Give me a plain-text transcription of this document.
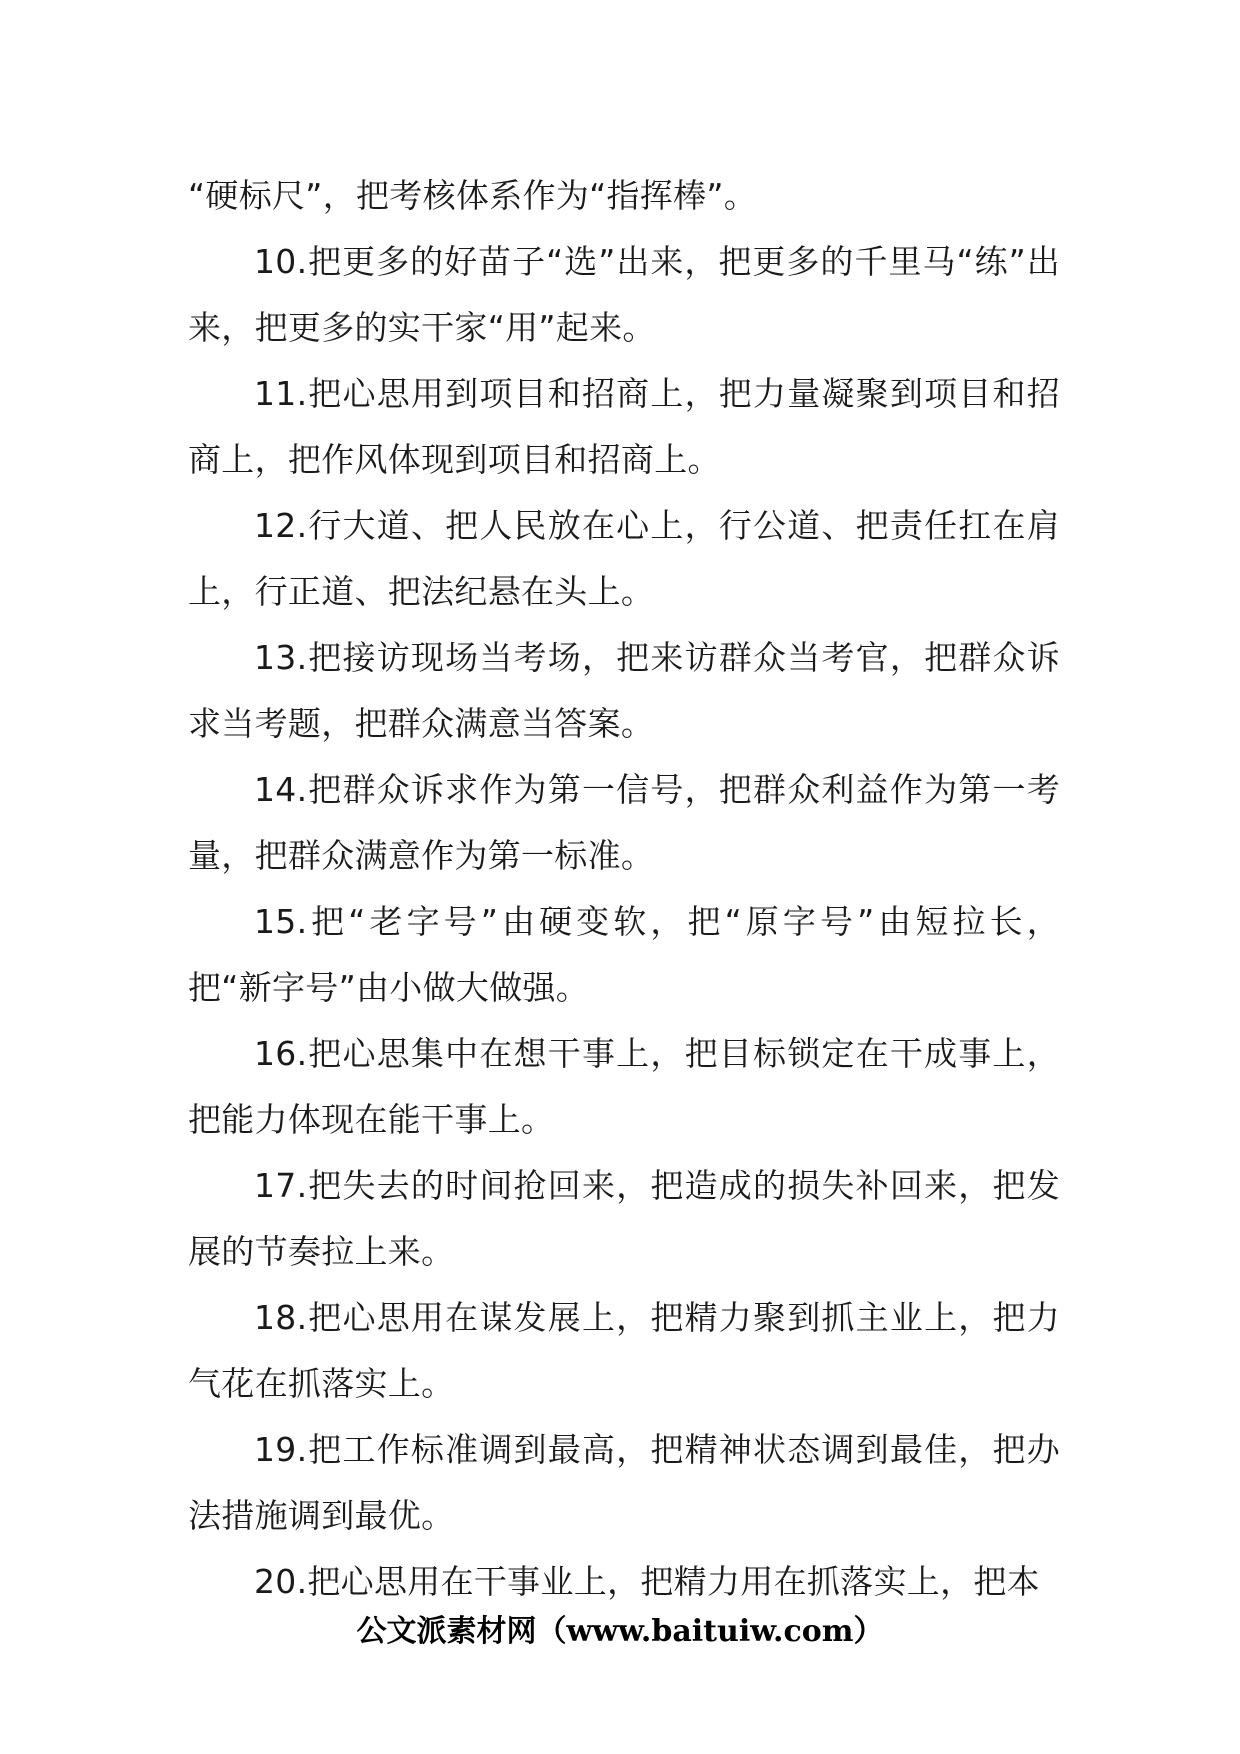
“硬标尺”，把考核体系作为“指挥棒”。

10.把更多的好苗子“选”出来，把更多的千里马“练”出来，把更多的实干家“用”起来。

11.把心思用到项目和招商上，把力量凝聚到项目和招商上，把作风体现到项目和招商上。

12.行大道、把人民放在心上，行公道、把责任扛在肩上，行正道、把法纪悬在头上。

13.把接访现场当考场，把来访群众当考官，把群众诉求当考题，把群众满意当答案。

14.把群众诉求作为第一信号，把群众利益作为第一考量，把群众满意作为第一标准。

15.把“老字号”由硬变软，把“原字号”由短拉长，把“新字号”由小做大做强。

16.把心思集中在想干事上，把目标锁定在干成事上，把能力体现在能干事上。

17.把失去的时间抢回来，把造成的损失补回来，把发展的节奏拉上来。

18.把心思用在谋发展上，把精力聚到抓主业上，把力气花在抓落实上。

19.把工作标准调到最高，把精神状态调到最佳，把办法措施调到最优。

20.把心思用在干事业上，把精力用在抓落实上，把本

公文派素材网（www.baituiw.com）
